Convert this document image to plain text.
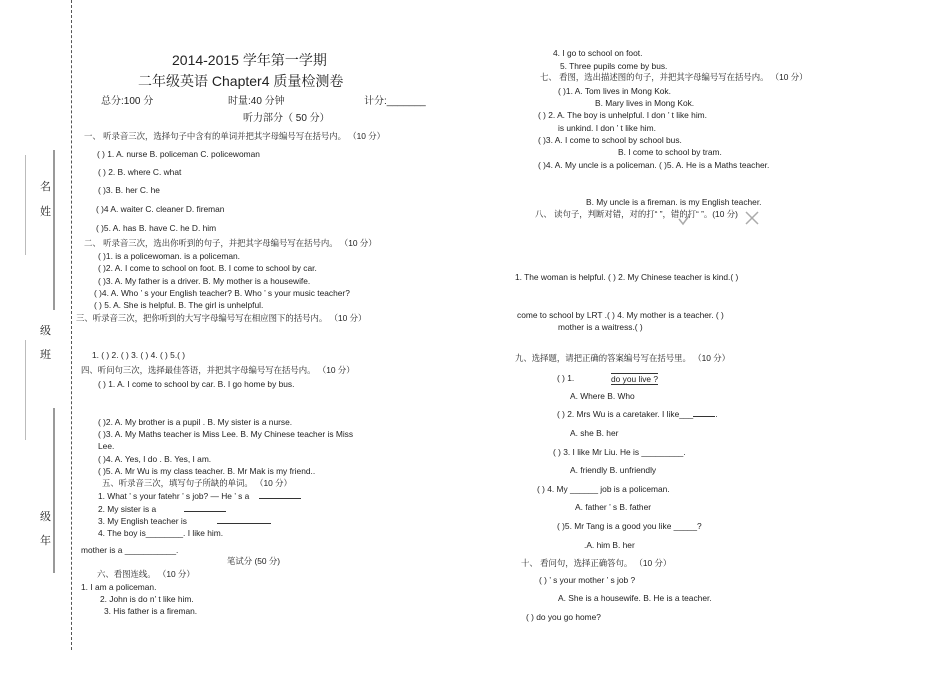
名
姓
级
班
级
年
2014-2015 学年第一学期
二年级英语 Chapter4 质量检测卷
总分:100 分	时量:40 分钟	计分:_______
听力部分（ 50 分）
一、 听录音三次，选择句子中含有的单词并把其字母编号写在括号内。 （10 分）
( ) 1. A. nurse B. policeman C. policewoman
( ) 2. B. where C. what
( )3. B. her C. he
( )4 A. waiter C. cleaner D. fireman
( )5. A. has B. have C. he D. him
二、 听录音三次，选出你听到的句子，并把其字母编号写在括号内。 （10 分）
( )1. is a policewoman. is a policeman.
( )2. A. I come to school on foot. B. I come to school by car.
( )3. A. My father is a driver. B. My mother is a housewife.
( )4. A. Who ’ s your English teacher? B. Who ’ s your music teacher?
( ) 5. A. She is helpful. B. The girl is unhelpful.
三、听录音三次，把你听到的大写字母编号写在相应图下的括号内。 （10 分）
1. ( ) 2. ( ) 3. ( ) 4. ( ) 5.( )
四、听问句三次，选择最佳答语，并把其字母编号写在括号内。 （10 分）
( ) 1. A. I come to school by car. B. I go home by bus.
( )2. A. My brother is a pupil . B. My sister is a nurse.
( )3. A. My Maths teacher is Miss Lee. B. My Chinese teacher is Miss
Lee.
( )4. A. Yes, I do . B. Yes, I am.
( )5. A. Mr Wu is my class teacher. B. Mr Mak is my friend..
五、听录音三次，填写句子所缺的单词。 （10 分）
1. What ’ s your fatehr ’ s job? — He ’ s a
2. My sister is a
3. My English teacher is
4. The boy is________. I like him.
mother is a ___________.
笔试分 (50 分)
六、看图连线。 （10 分）
1. I am a policeman.
2. John is do n’ t like him.
3. His father is a fireman.
4. I go to school on foot.
5. Three pupils come by bus.
七、 看图，选出描述图的句子，并把其字母编号写在括号内。 （10 分）
( )1. A. Tom lives in Mong Kok.
B. Mary lives in Mong Kok.
( ) 2. A. The boy is unhelpful. I don ’ t like him.
is unkind. I don ’ t like him.
( )3. A. I come to school by school bus.
B. I come to school by tram.
( )4. A. My uncle is a policeman. ( )5. A. He is a Maths teacher.
B. My uncle is a fireman. is my English teacher.
八、 读句子，判断对错，对的打“ ”，错的打“ ”。(10 分)
1. The woman is helpful. ( ) 2. My Chinese teacher is kind.( )
come to school by LRT .( ) 4. My mother is a teacher. ( )
mother is a waitress.( )
九、选择题，请把正确的答案编号写在括号里。 （10 分）
( ) 1.	do you live ?
A. Where B. Who
( ) 2. Mrs Wu is a caretaker. I like___	.
A. she B. her
( ) 3. I like Mr Liu. He is _________.
A. friendly B. unfriendly
( ) 4. My ______ job is a policeman.
A. father ’ s B. father
( )5. Mr Tang is a good you like _____?
.A. him B. her
十、 看问句，选择正确答句。 （10 分）
( ) ’ s your mother ’ s job ?
A. She is a housewife. B. He is a teacher.
( ) do you go home?
